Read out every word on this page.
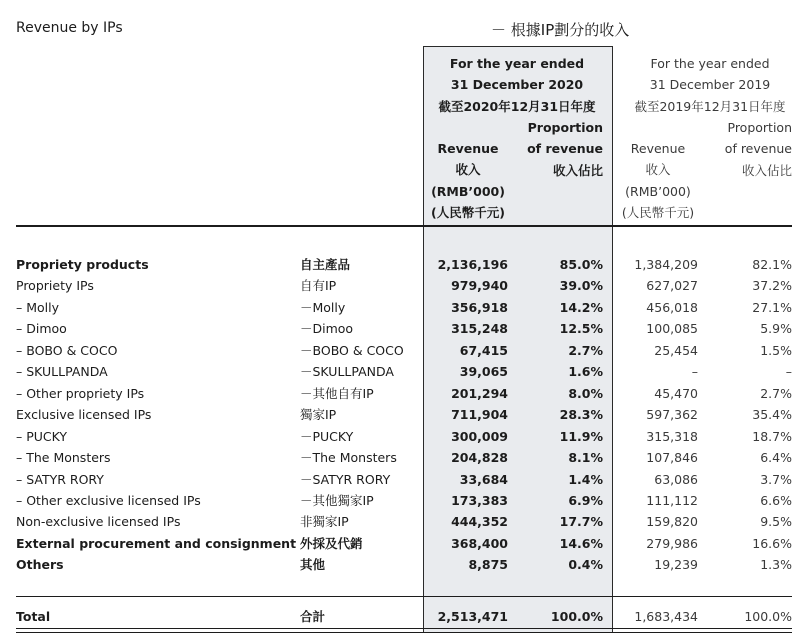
Revenue by IPs	－ 根據IP劃分的收入
For the year ended
31 December 2020
截至2020年12月31日年度
Revenue
收入
(RMB’000)
(人民幣千元)
Proportion
of revenue
收入佔比
For the year ended
31 December 2019
截至2019年12月31日年度
Revenue
收入
(RMB’000)
(人民幣千元)
Proportion
of revenue
收入佔比
Propriety products	自主產品	2,136,196	85.0%	1,384,209	82.1%
Propriety IPs	自有IP	979,940	39.0%	627,027	37.2%
– Molly	－Molly	356,918	14.2%	456,018	27.1%
– Dimoo	－Dimoo	315,248	12.5%	100,085	5.9%
– BOBO & COCO	－BOBO & COCO	67,415	2.7%	25,454	1.5%
– SKULLPANDA	－SKULLPANDA	39,065	1.6%	–	–
– Other propriety IPs	－其他自有IP	201,294	8.0%	45,470	2.7%
Exclusive licensed IPs	獨家IP	711,904	28.3%	597,362	35.4%
– PUCKY	－PUCKY	300,009	11.9%	315,318	18.7%
– The Monsters	－The Monsters	204,828	8.1%	107,846	6.4%
– SATYR RORY	－SATYR RORY	33,684	1.4%	63,086	3.7%
– Other exclusive licensed IPs	－其他獨家IP	173,383	6.9%	111,112	6.6%
Non-exclusive licensed IPs	非獨家IP	444,352	17.7%	159,820	9.5%
External procurement and consignment 外採及代銷	368,400	14.6%	279,986	16.6%
Others	其他	8,875	0.4%	19,239	1.3%
Total	合計	2,513,471	100.0%	1,683,434	100.0%
